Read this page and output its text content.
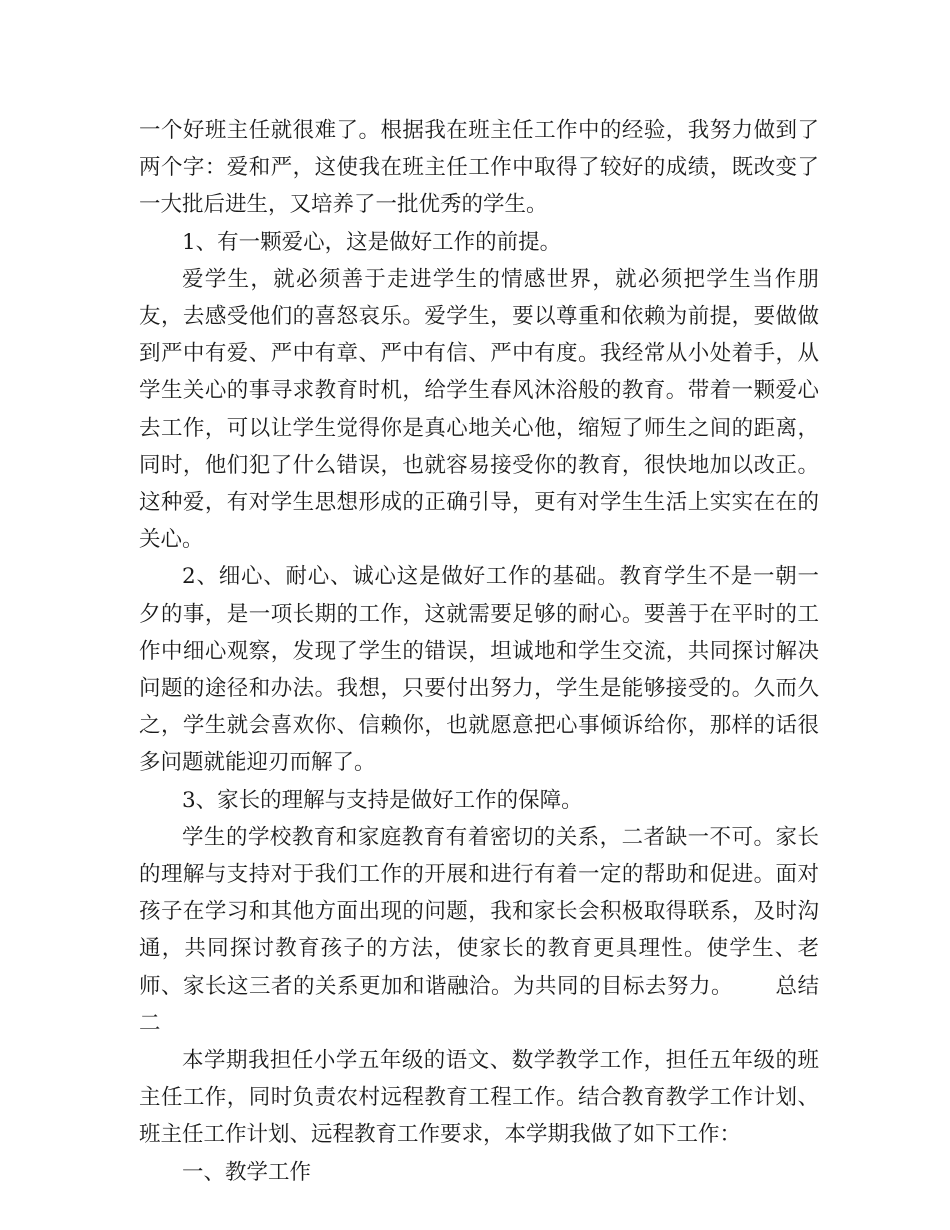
一个好班主任就很难了。根据我在班主任工作中的经验，我努力做到了两个字：爱和严，这使我在班主任工作中取得了较好的成绩，既改变了一大批后进生，又培养了一批优秀的学生。

1、有一颗爱心，这是做好工作的前提。

爱学生，就必须善于走进学生的情感世界，就必须把学生当作朋友，去感受他们的喜怒哀乐。爱学生，要以尊重和依赖为前提，要做做到严中有爱、严中有章、严中有信、严中有度。我经常从小处着手，从学生关心的事寻求教育时机，给学生春风沐浴般的教育。带着一颗爱心去工作，可以让学生觉得你是真心地关心他，缩短了师生之间的距离，同时，他们犯了什么错误，也就容易接受你的教育，很快地加以改正。这种爱，有对学生思想形成的正确引导，更有对学生生活上实实在在的关心。

2、细心、耐心、诚心这是做好工作的基础。教育学生不是一朝一夕的事，是一项长期的工作，这就需要足够的耐心。要善于在平时的工作中细心观察，发现了学生的错误，坦诚地和学生交流，共同探讨解决问题的途径和办法。我想，只要付出努力，学生是能够接受的。久而久之，学生就会喜欢你、信赖你，也就愿意把心事倾诉给你，那样的话很多问题就能迎刃而解了。

3、家长的理解与支持是做好工作的保障。

学生的学校教育和家庭教育有着密切的关系，二者缺一不可。家长的理解与支持对于我们工作的开展和进行有着一定的帮助和促进。面对孩子在学习和其他方面出现的问题，我和家长会积极取得联系，及时沟通，共同探讨教育孩子的方法，使家长的教育更具理性。使学生、老师、家长这三者的关系更加和谐融洽。为共同的目标去努力。 总结二

本学期我担任小学五年级的语文、数学教学工作，担任五年级的班主任工作，同时负责农村远程教育工程工作。结合教育教学工作计划、班主任工作计划、远程教育工作要求，本学期我做了如下工作：

一、教学工作
